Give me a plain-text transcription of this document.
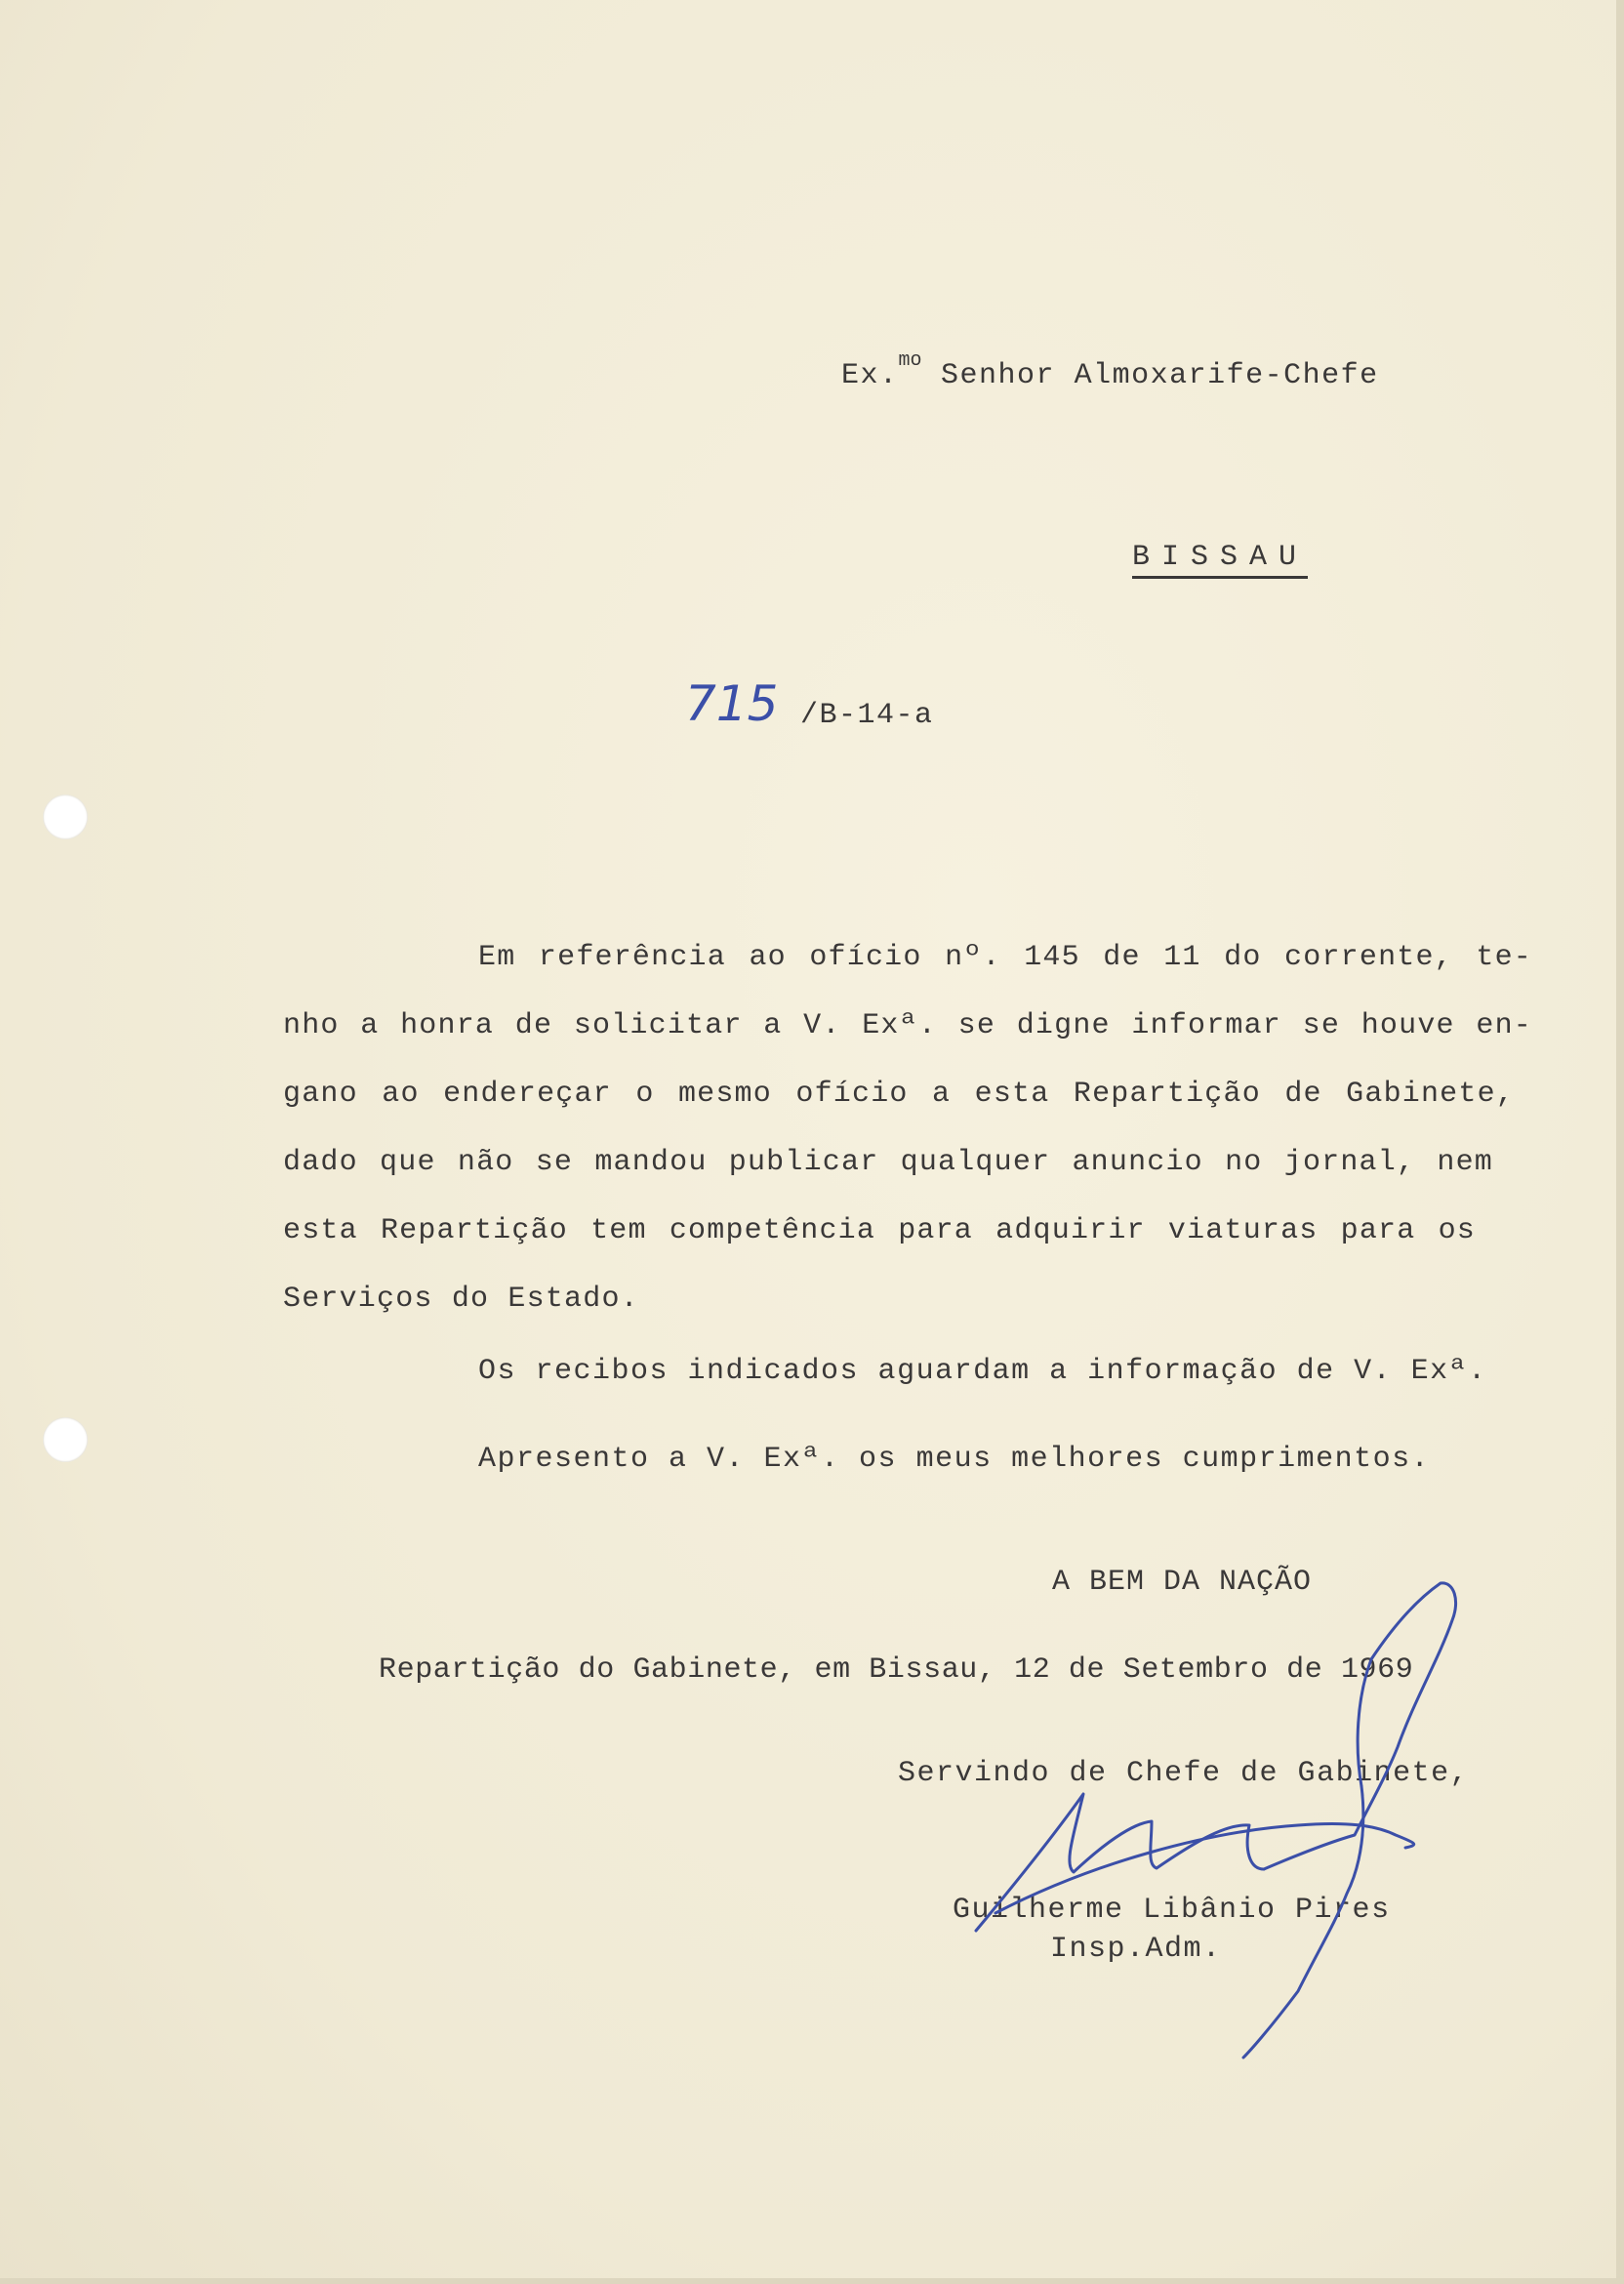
Ex.$^{mo}$ Senhor Almoxarife-Chefe
BISSAU
715 /B-14-a
Em referência ao ofício nº. 145 de 11 do corrente, te-
nho a honra de solicitar a V. Exª. se digne informar se houve en-
gano ao endereçar o mesmo ofício a esta Repartição de Gabinete,
dado que não se mandou publicar qualquer anuncio no jornal, nem
esta Repartição tem competência para adquirir viaturas para os
Serviços do Estado.
Os recibos indicados aguardam a informação de V. Exª.
Apresento a V. Exª. os meus melhores cumprimentos.
A BEM DA NAÇÃO
Repartição do Gabinete, em Bissau, 12 de Setembro de 1969
Servindo de Chefe de Gabinete,
Guilherme Libânio Pires
Insp.Adm.
